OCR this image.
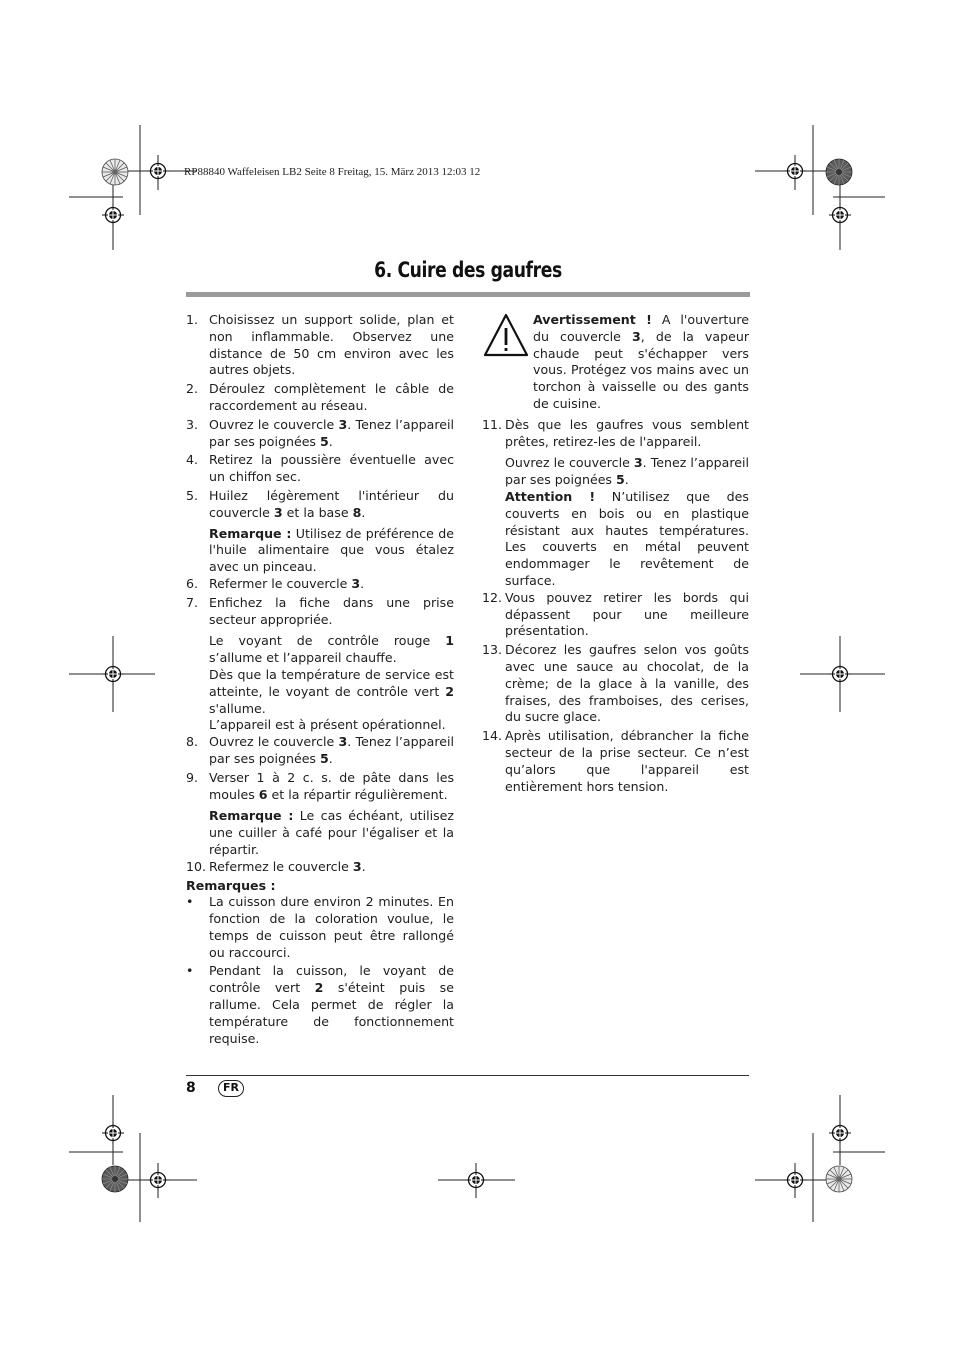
RP88840 Waffeleisen LB2 Seite 8 Freitag, 15. März 2013 12:03 12
6. Cuire des gaufres
1. Choisissez un support solide, plan et non inflammable. Observez une distance de 50 cm environ avec les autres objets.
2. Déroulez complètement le câble de raccordement au réseau.
3. Ouvrez le couvercle 3. Tenez l’appareil par ses poignées 5.
4. Retirez la poussière éventuelle avec un chiffon sec.
5. Huilez légèrement l'intérieur du couvercle 3 et la base 8.

Remarque : Utilisez de préférence de l'huile alimentaire que vous étalez avec un pinceau.

6. Refermer le couvercle 3.
7. Enfichez la fiche dans une prise secteur appropriée.

Le voyant de contrôle rouge 1 s’allume et l’appareil chauffe.

Dès que la température de service est atteinte, le voyant de contrôle vert 2 s'allume.

L’appareil est à présent opérationnel.

8. Ouvrez le couvercle 3. Tenez l’appareil par ses poignées 5.
9. Verser 1 à 2 c. s. de pâte dans les moules 6 et la répartir régulièrement.

Remarque : Le cas échéant, utilisez une cuiller à café pour l'égaliser et la répartir.

10. Refermez le couvercle 3.

Remarques :

• La cuisson dure environ 2 minutes. En fonction de la coloration voulue, le temps de cuisson peut être rallongé ou raccourci.
• Pendant la cuisson, le voyant de contrôle vert 2 s'éteint puis se rallume. Cela permet de régler la température de fonctionnement requise.
Avertissement ! A l'ouverture du couvercle 3, de la vapeur chaude peut s'échapper vers vous. Protégez vos mains avec un torchon à vaisselle ou des gants de cuisine.
11. Dès que les gaufres vous semblent prêtes, retirez-les de l'appareil.

Ouvrez le couvercle 3. Tenez l’appareil par ses poignées 5.

Attention ! N’utilisez que des couverts en bois ou en plastique résistant aux hautes températures. Les couverts en métal peuvent endommager le revêtement de surface.

12. Vous pouvez retirer les bords qui dépassent pour une meilleure présentation.
13. Décorez les gaufres selon vos goûts avec une sauce au chocolat, de la crème; de la glace à la vanille, des fraises, des framboises, des cerises, du sucre glace.
14. Après utilisation, débrancher la fiche secteur de la prise secteur. Ce n’est qu’alors que l'appareil est entièrement hors tension.
8	FR
